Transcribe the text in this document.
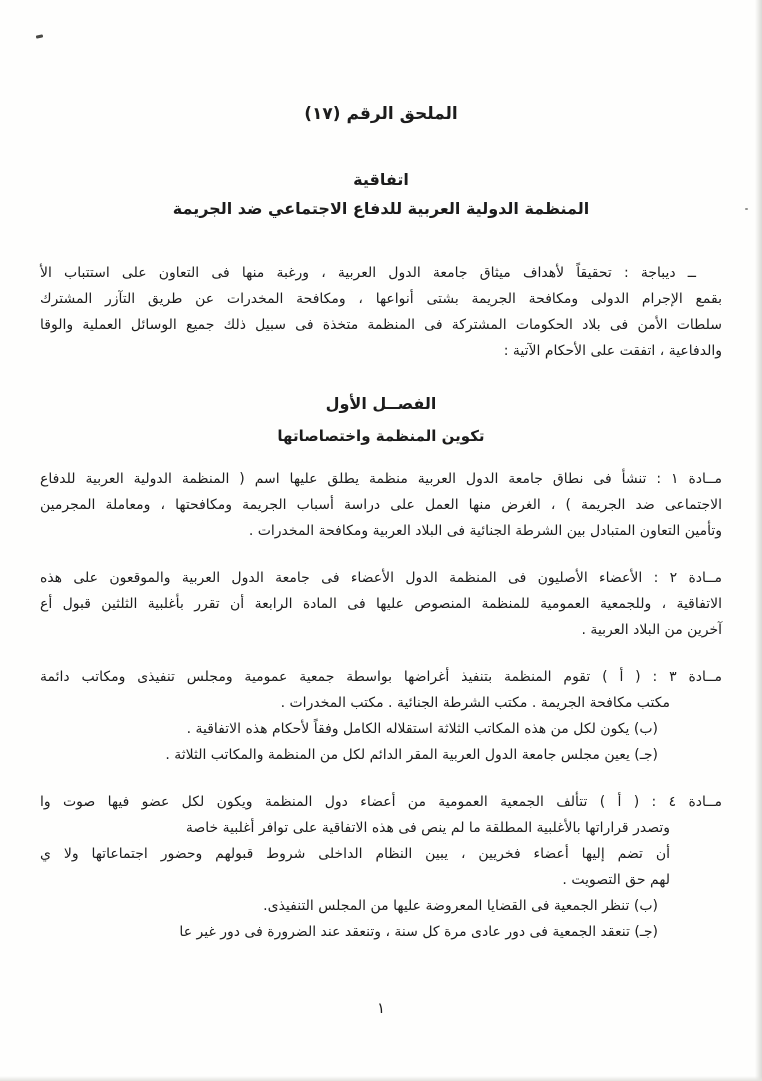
الملحق الرقم (١٧)
اتفاقية
المنظمة الدولية العربية للدفاع الاجتماعي ضد الجريمة
ــ ديباجة : تحقيقاً لأهداف ميثاق جامعة الدول العربية ، ورغبة منها فى التعاون على استتباب الأ
بقمع الإجرام الدولى ومكافحة الجريمة بشتى أنواعها ، ومكافحة المخدرات عن طريق التآزر المشترك
سلطات الأمن فى بلاد الحكومات المشتركة فى المنظمة متخذة فى سبيل ذلك جميع الوسائل العملية والوقا
والدفاعية ، اتفقت على الأحكام الآتية :
الفصــل الأول
تكوين المنظمة واختصاصاتها
مــادة ١ : تنشأ فى نطاق جامعة الدول العربية منظمة يطلق عليها اسم ( المنظمة الدولية العربية للدفاع
الاجتماعى ضد الجريمة ) ، الغرض منها العمل على دراسة أسباب الجريمة ومكافحتها ، ومعاملة المجرمين
وتأمين التعاون المتبادل بين الشرطة الجنائية فى البلاد العربية ومكافحة المخدرات .
مــادة ٢ : الأعضاء الأصليون فى المنظمة الدول الأعضاء فى جامعة الدول العربية والموقعون على هذه
الاتفاقية ، وللجمعية العمومية للمنظمة المنصوص عليها فى المادة الرابعة أن تقرر بأغلبية الثلثين قبول أع
آخرين من البلاد العربية .
مــادة ٣ : ( أ ) تقوم المنظمة بتنفيذ أغراضها بواسطة جمعية عمومية ومجلس تنفيذى ومكاتب دائمة
مكتب مكافحة الجريمة . مكتب الشرطة الجنائية . مكتب المخدرات .
(ب) يكون لكل من هذه المكاتب الثلاثة استقلاله الكامل وفقاً لأحكام هذه الاتفاقية .
(جـ) يعين مجلس جامعة الدول العربية المقر الدائم لكل من المنظمة والمكاتب الثلاثة .
مــادة ٤ : ( أ ) تتألف الجمعية العمومية من أعضاء دول المنظمة ويكون لكل عضو فيها صوت وا
وتصدر قراراتها بالأغلبية المطلقة ما لم ينص فى هذه الاتفاقية على توافر أغلبية خاصة
أن تضم إليها أعضاء فخريين ، يبين النظام الداخلى شروط قبولهم وحضور اجتماعاتها ولا ي
لهم حق التصويت .
(ب) تنظر الجمعية فى القضايا المعروضة عليها من المجلس التنفيذى.
(جـ) تنعقد الجمعية فى دور عادى مرة كل سنة ، وتنعقد عند الضرورة فى دور غير عا
١
